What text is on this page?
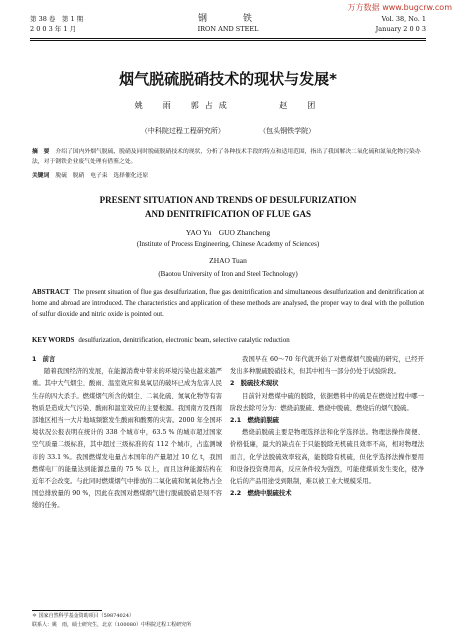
万方数据 www.bugcrw.com
第 38 卷　第 1 期
2 0 0 3 年 1 月
钢　　铁
IRON AND STEEL
Vol. 38, No. 1
January 2 0 0 3
烟气脱硫脱硝技术的现状与发展*
姚　雨　郭占成	赵　团
（中科院过程工程研究所）	（包头钢铁学院）
摘　要 介绍了国内外烟气脱硫、脱硝及同时脱硫脱硝技术的现状，分析了各种技术手段的特点和适用范围，指出了我国解决二氧化硫和氮氧化物污染办法，对于钢铁企业废气处理有借鉴之处。
关键词 脱硫　脱硝　电子束　选择催化还原
PRESENT SITUATION AND TRENDS OF DESULFURIZATION
AND DENITRIFICATION OF FLUE GAS
YAO Yu　GUO Zhancheng
(Institute of Process Engineering, Chinese Academy of Sciences)
ZHAO Tuan
(Baotou University of Iron and Steel Technology)
ABSTRACT The present situation of flue gas desulfurization, flue gas denitrification and simultaneous desulfurization and denitrification at home and abroad are introduced. The characteristics and application of these methods are analysed, the proper way to deal with the pollution of sulfur dioxide and nitric oxide is pointed out.
KEY WORDS desulfurization, denitrification, electronic beam, selective catalytic reduction
1　前言
随着我国经济的发展，在能源消费中带来的环境污染也越来越严重。其中大气烟尘、酸雨、温室效应和臭氧层的破坏已成为危害人民生存的四大杀手。燃煤烟气所含的烟尘、二氧化硫、氮氧化物等有害物质是造成大气污染、酸雨和温室效应的主要根源。我国南方及西南部地区相当一大片地域频繁发生酸雨和酸雾的灾害。2000 年全国环境状况公报表明在统计的 338 个城市中，63.5 % 的城市超过国家空气质量二级标准，其中超过三级标准的有 112 个城市，占监测城市的 33.1 %。我国燃煤发电量占本国年的产量超过 10 亿 t，我国燃煤电厂的能量达到能源总量的 75 % 以上，而且这种能源结构在近年不会改变。与此同时燃煤烟气中排放的二氧化硫和氮氧化物占全国总排放量的 90 %，因此在我国对燃煤烟气进行脱硫脱硝是刻不容缓的任务。
我国早在 60～70 年代就开始了对燃煤烟气脱硫的研究，已经开发出多种脱硫脱硝技术，但其中相当一部分仍处于试验阶段。
2　脱硫技术现状
目前针对燃煤中硫的脱除，依据燃料中的硫是在燃烧过程中哪一阶段去除可分为：燃烧前脱硫、燃烧中脱硫、燃烧后的烟气脱硫。
2.1　燃烧前脱硫
燃烧前脱硫主要是物理选择法和化学选择法。物理法操作简便、价格低廉，最大的缺点在于只能脱除无机硫且效率不高，相对物理法而言，化学法脱硫效率较高，能脱除有机硫，但化学选择法操作要用和设备投资费用高，反应条件较为强烈，可能使煤质发生变化，使净化后的产品用途受到限制，难以被工业大规模采用。
2.2　燃烧中脱硫技术
＊ 国家自然科学基金资助项目（59874024）
联系人：姚　雨，硕士研究生，北京（100080）中科院过程工程研究所
